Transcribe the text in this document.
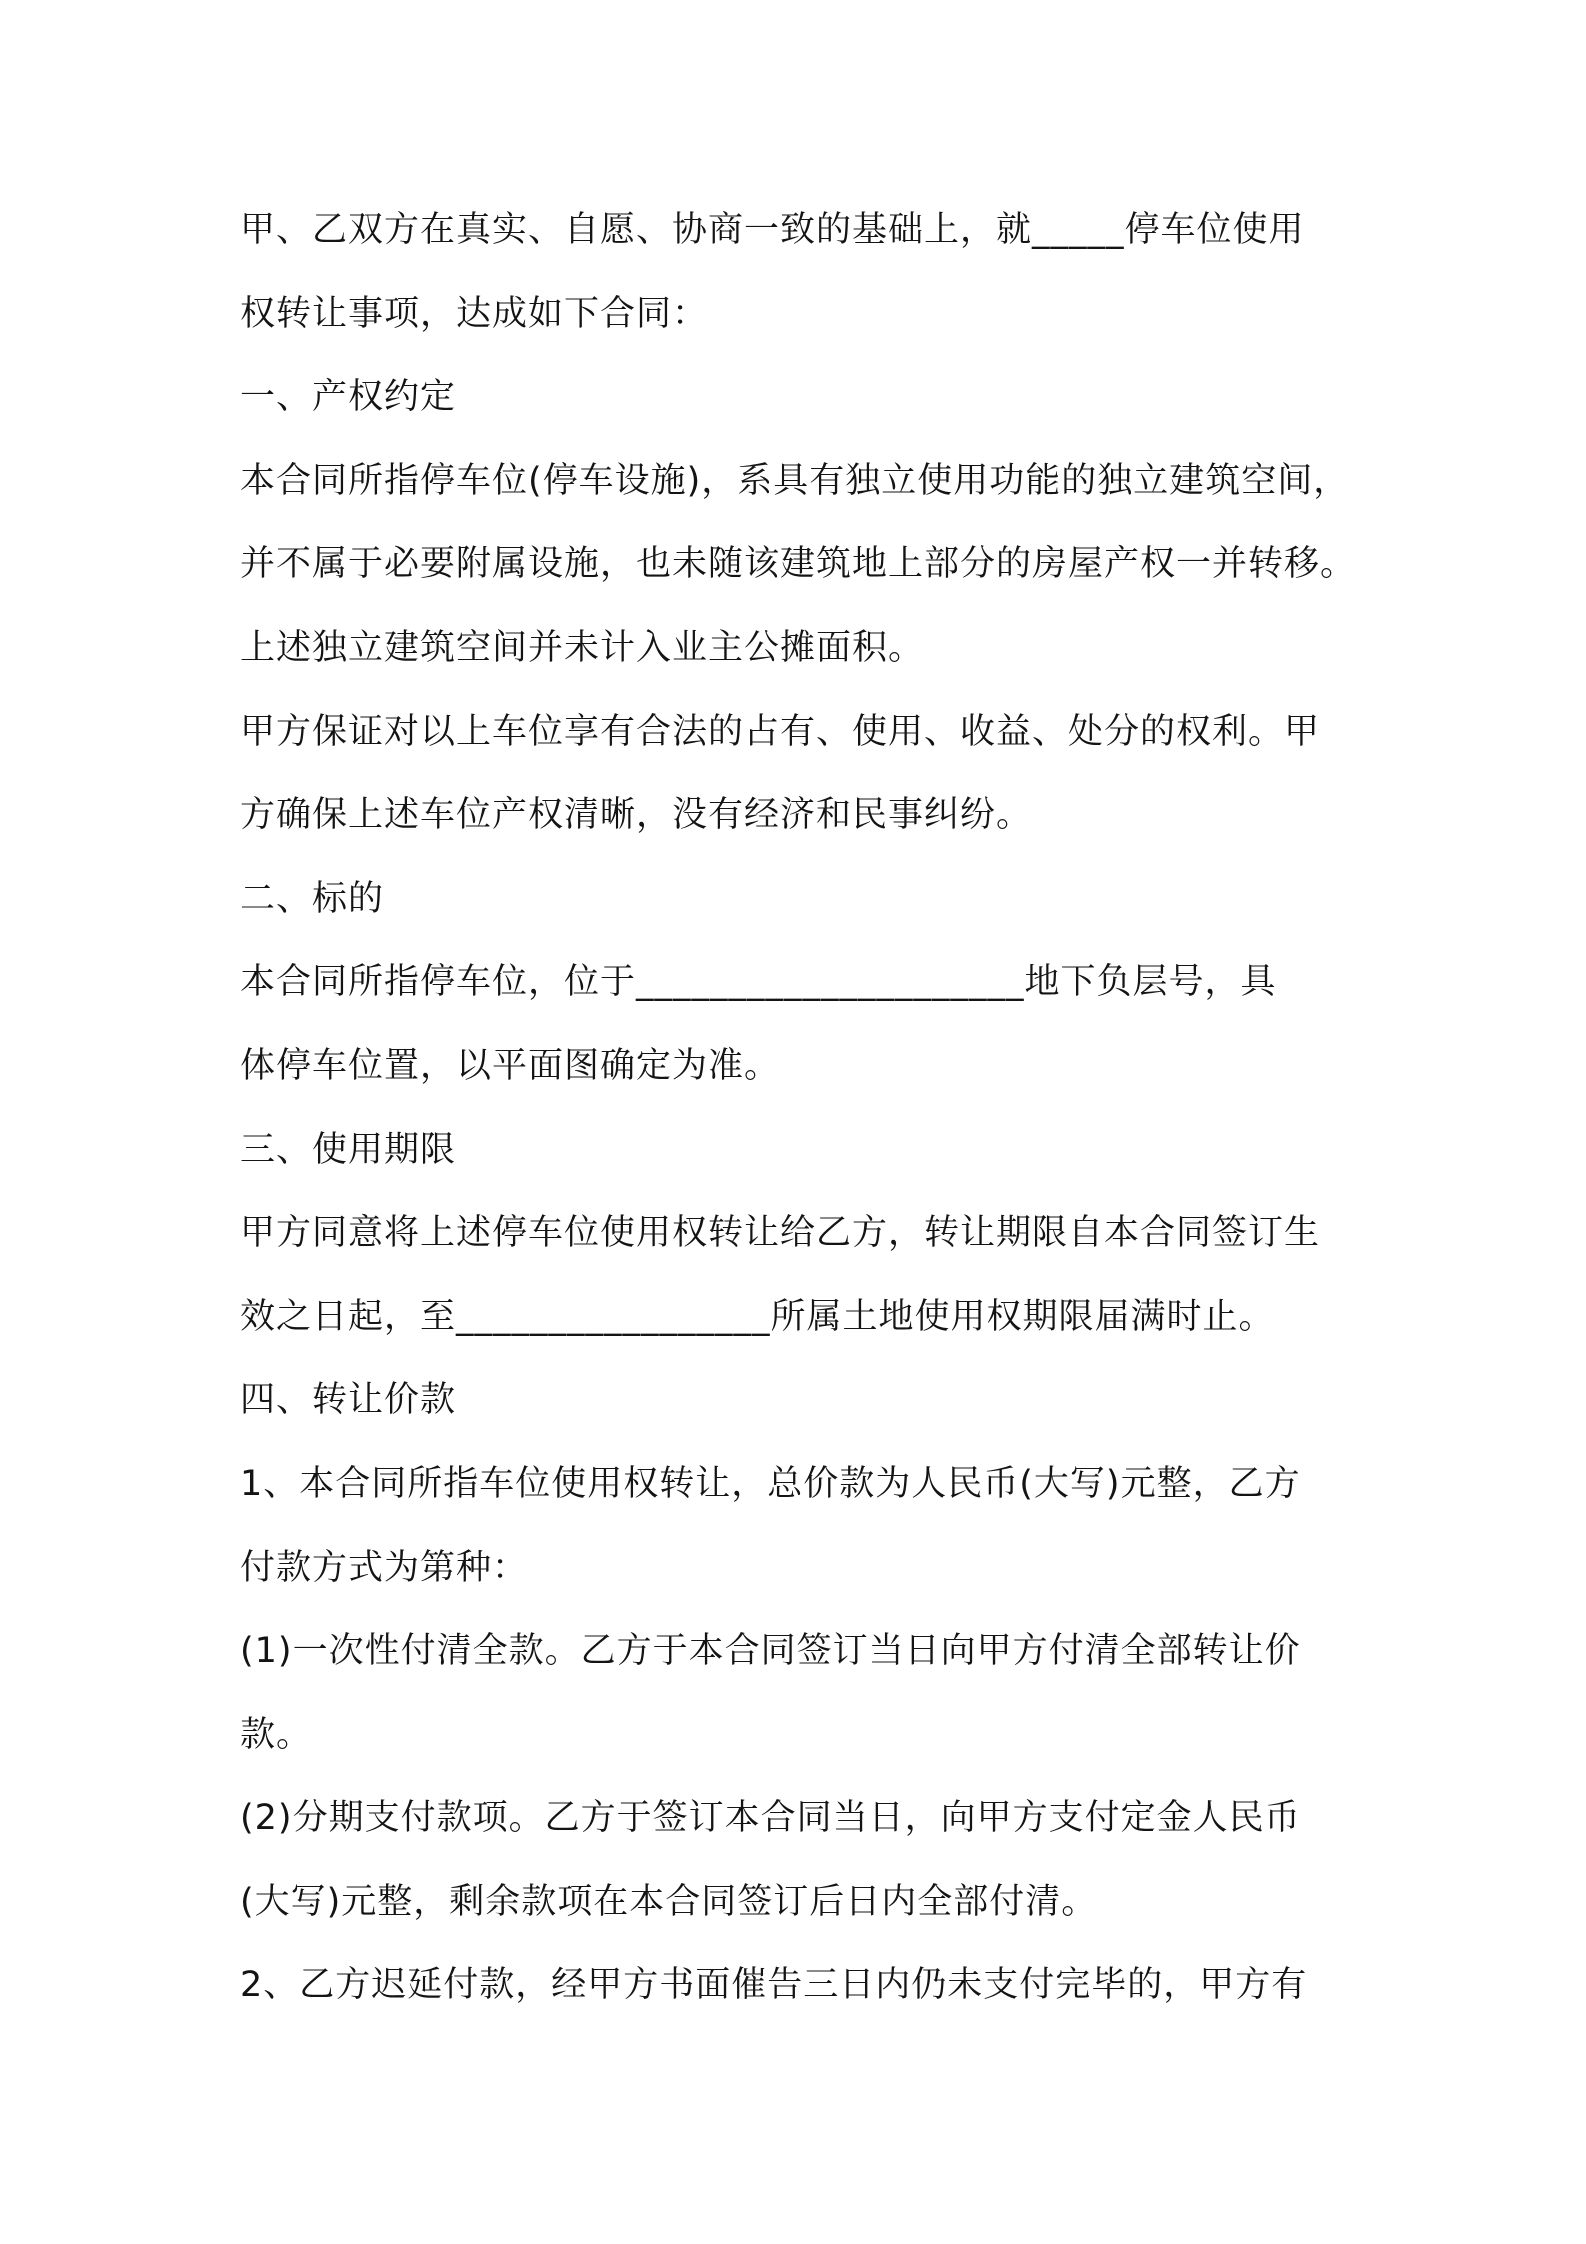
甲、乙双方在真实、自愿、协商一致的基础上，就_____停车位使用
权转让事项，达成如下合同：
一、产权约定
本合同所指停车位(停车设施)，系具有独立使用功能的独立建筑空间，
并不属于必要附属设施，也未随该建筑地上部分的房屋产权一并转移。
上述独立建筑空间并未计入业主公摊面积。
甲方保证对以上车位享有合法的占有、使用、收益、处分的权利。甲
方确保上述车位产权清晰，没有经济和民事纠纷。
二、标的
本合同所指停车位，位于_____________________地下负层号，具
体停车位置，以平面图确定为准。
三、使用期限
甲方同意将上述停车位使用权转让给乙方，转让期限自本合同签订生
效之日起，至_________________所属土地使用权期限届满时止。
四、转让价款
1、本合同所指车位使用权转让，总价款为人民币(大写)元整，乙方
付款方式为第种：
(1)一次性付清全款。乙方于本合同签订当日向甲方付清全部转让价
款。
(2)分期支付款项。乙方于签订本合同当日，向甲方支付定金人民币
(大写)元整，剩余款项在本合同签订后日内全部付清。
2、乙方迟延付款，经甲方书面催告三日内仍未支付完毕的，甲方有
